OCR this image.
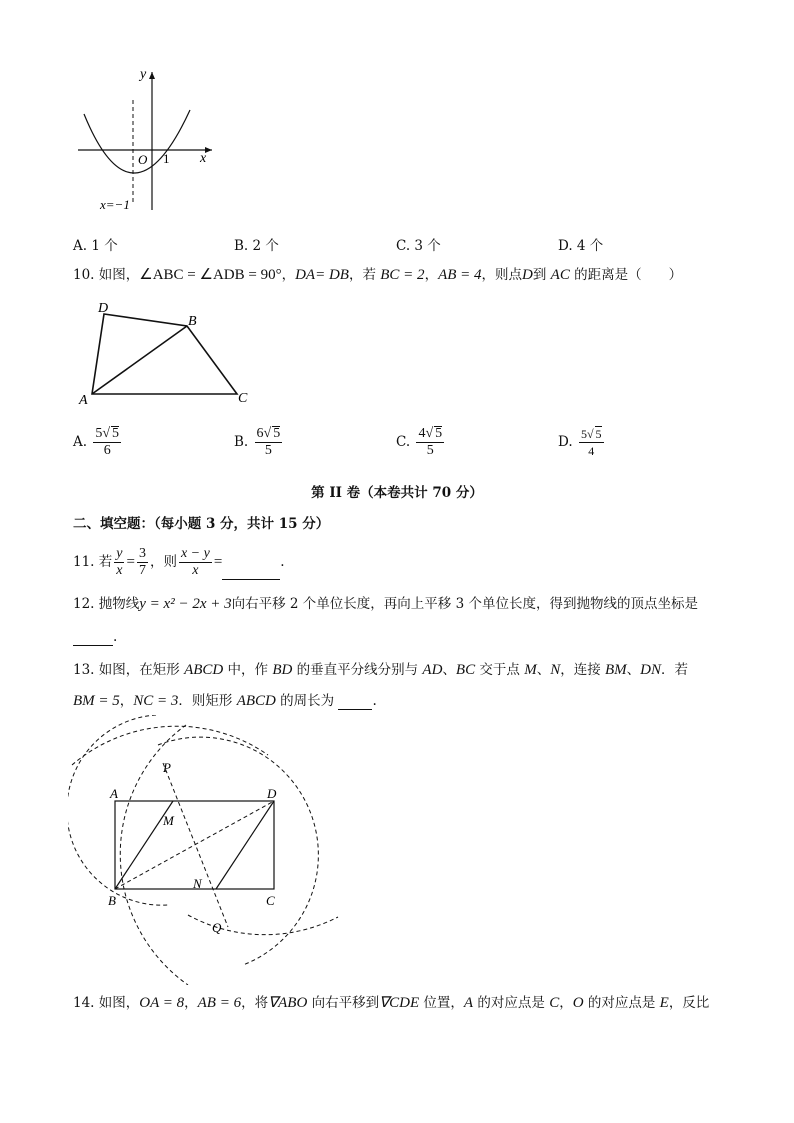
y
x
O 1
x=−1
A. 1 个	B. 2 个	C. 3 个	D. 4 个
10. 如图，∠ABC = ∠ADB = 90°，DA= DB，若 BC = 2，AB = 4，则点D到 AC 的距离是（　　）
A
B
C
D
A. $\frac{5√ 5}{6}$	B. $\frac{6√ 5}{5}$	C. $\frac{4√ 5}{5}$	D. $\frac{5√ 5}{4}$
第 II 卷（本卷共计 70 分）
二、填空题：（每小题 3 分，共计 15 分）
11. 若 $\frac{y}{x} = \frac{3}{7}$ ，则 $\frac{x - y}{x}$ =	.
12. 抛物线y = x² − 2x + 3向右平移 2 个单位长度，再向上平移 3 个单位长度，得到抛物线的顶点坐标是
.
13. 如图，在矩形 ABCD 中，作 BD 的垂直平分线分别与 AD、BC 交于点 M、N，连接 BM、DN．若
BM = 5，NC = 3．则矩形 ABCD 的周长为	.
A	D
B	C
M
N
P
Q
14. 如图，OA = 8，AB = 6，将∇ABO 向右平移到∇CDE 位置，A 的对应点是 C，O 的对应点是 E，反比
